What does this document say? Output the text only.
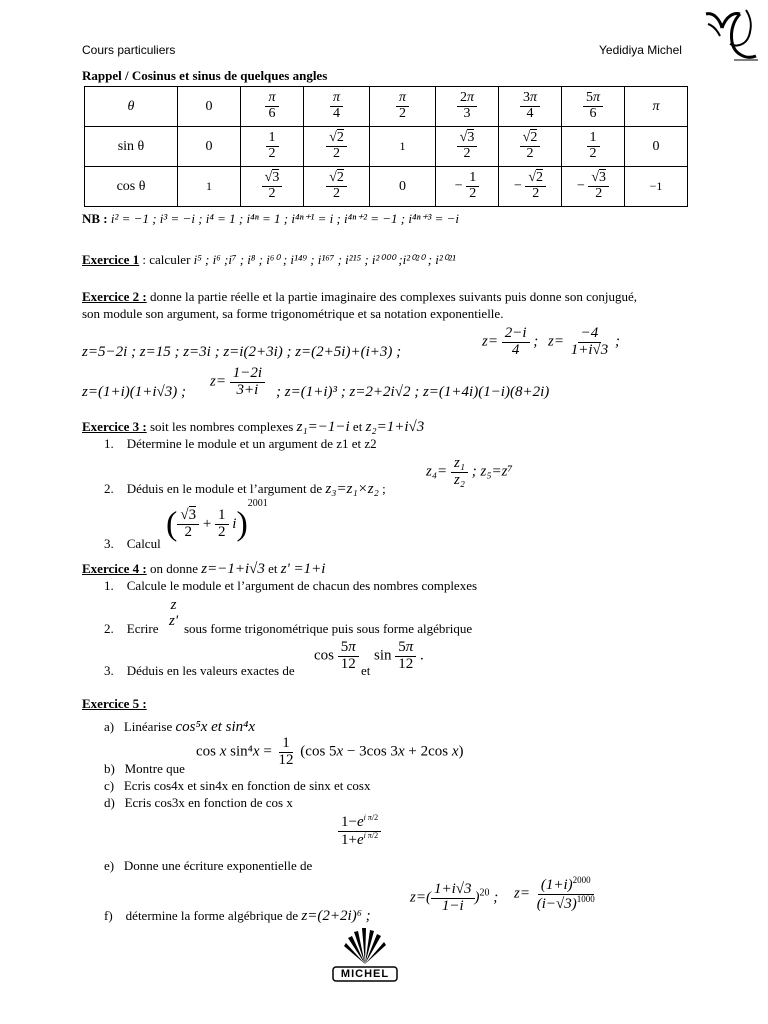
Cours particuliers	Yedidiya Michel
Rappel / Cosinus et sinus de quelques angles
θ	0	$\frac{\pi}{6}$	$\frac{\pi}{4}$	$\frac{\pi}{2}$	$\frac{2\pi}{3}$	$\frac{3\pi}{4}$	$\frac{5\pi}{6}$	π
sin θ	0	$\frac{1}{2}$	$\frac{√2}{2}$	1	$\frac{√3}{2}$	$\frac{√2}{2}$	$\frac{1}{2}$	0
cos θ	1	$\frac{√3}{2}$	$\frac{√2}{2}$	0	− $\frac{1}{2}$	− $\frac{√2}{2}$	− $\frac{√3}{2}$	−1
NB : i² = −1 ; i³ = −i ; i⁴ = 1 ; i⁴ⁿ = 1 ; i⁴ⁿ⁺¹ = i ; i⁴ⁿ⁺² = −1 ; i⁴ⁿ⁺³ = −i
Exercice 1 : calculer i⁵ ; i⁶ ;i⁷ ; i⁸ ; i⁶⁰ ; i¹⁴⁹ ; i¹⁶⁷ ; i²¹⁵ ; i²⁰⁰⁰ ;i²⁰²⁰ ; i²⁰²¹
Exercice 2 : donne la partie réelle et la partie imaginaire des complexes suivants puis donne son conjugué,
son module son argument, sa forme trigonométrique et sa notation exponentielle.
z=5−2i ; z=15 ; z=3i ; z=i(2+3i) ; z=(2+5i)+(i+3) ;
$z= \frac{2-i}{4}$ ; $z= \frac{-4}{1+i√3}$ ;
z=(1+i)(1+i√3) ;
$z= \frac{1-2i}{3+i}$ ; z=(1+i)³ ; z=2+2i√2 ; z=(1+4i)(1−i)(8+2i)
Exercice 3 : soit les nombres complexes z₁=−1−i et z₂=1+i√3
1.    Détermine le module et un argument de z1 et z2
2.    Déduis en le module et l’argument de z₃=z₁×z₂ ;
$z_4= \frac{\text{z₁}}{\text{z₂}}$ ; z₅=z⁷
3.    Calcul
( $\frac{√3}{2} + \frac{1}{2} i)^{2001}$
Exercice 4 : on donne z=−1+i√3 et z' =1+i
1.    Calcule le module et l’argument de chacun des nombres complexes
2.    Ecrire
z
z' sous forme trigonométrique puis sous forme algébrique
3.    Déduis en les valeurs exactes de
$\cos \frac{5\pi}{12}$ et
$\sin \frac{5\pi}{12}$ .
Exercice 5 :
a)   Linéarise cos⁵x et sin⁴x
cos x $\sin^4x = \frac{1}{12} (\cos$ 5x − 3cos 3x + 2cos x)
b)   Montre que
c)   Ecris cos4x et sin4x en fonction de sinx et cosx
d)   Ecris cos3x en fonction de cos x
$\frac{1-e^{i \pi/2}}{1+e^{i \pi/2}}$
e)   Donne une écriture exponentielle de
f)    détermine la forme algébrique de z=(2+2i)⁶ ;
$z=( \frac{1+i√3}{1-i} )^{20}$ ; $z= \frac{(1+i)^{2000}}{(i-√3)^{1000}}$
MICHEL
